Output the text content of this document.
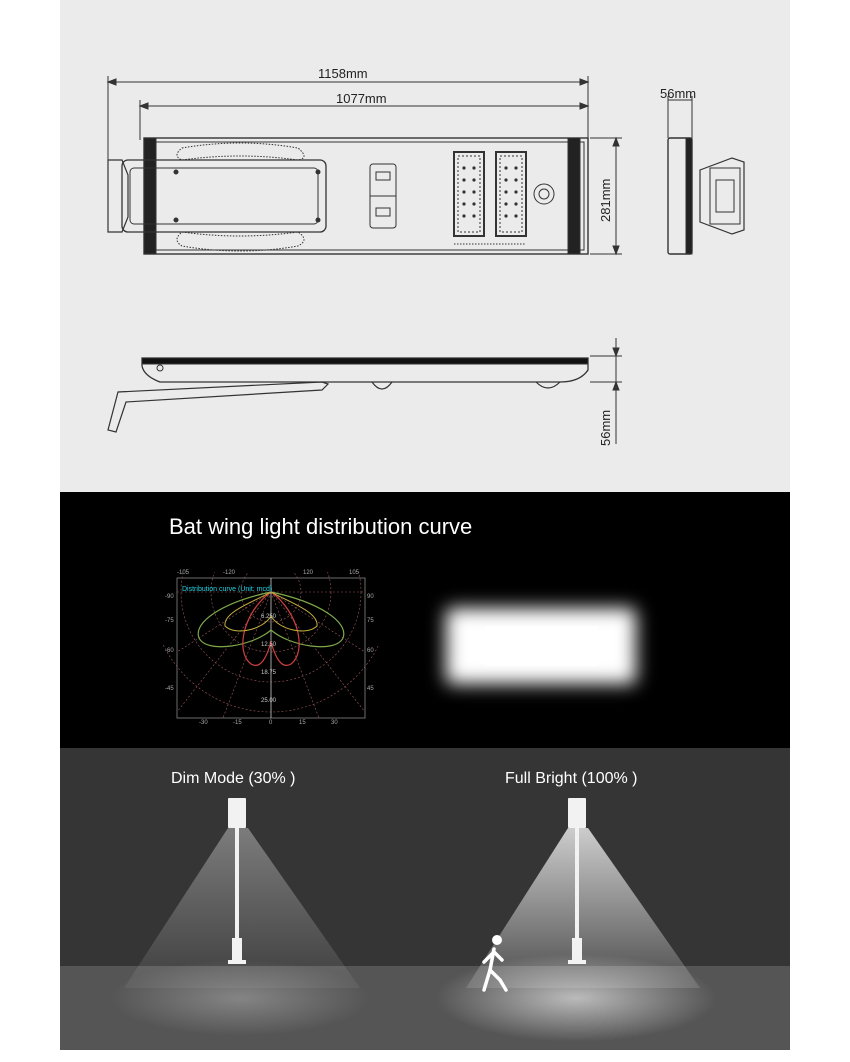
1158mm
1077mm	56mm
281mm
56mm
Bat wing light distribution curve
Distribution curve (Unit: mcd)
-105	-120	120	105
-90
-75
-60
-45
90
75
60
45
6.250
12.50
18.75
25.00
-30	-15	0	15	30
Dim Mode (30% )	Full Bright (100% )
